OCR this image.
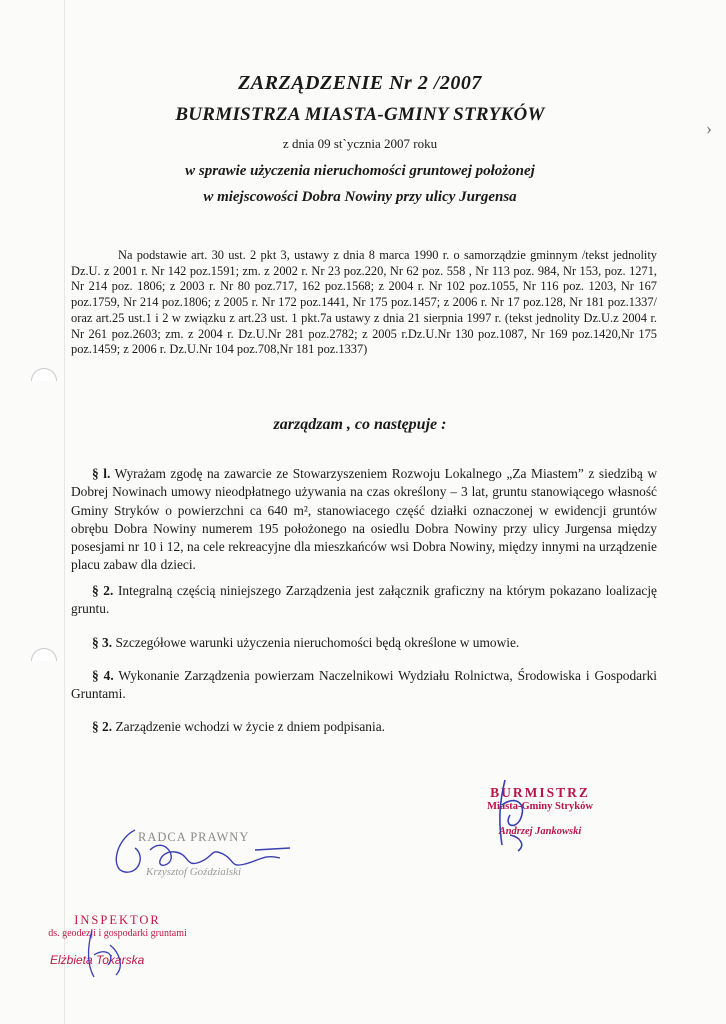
›
ZARZĄDZENIE Nr 2 /2007
BURMISTRZA MIASTA-GMINY STRYKÓW
z dnia 09 st`ycznia 2007 roku
w sprawie użyczenia nieruchomości gruntowej położonej
w miejscowości Dobra Nowiny przy ulicy Jurgensa

Na podstawie art. 30 ust. 2 pkt 3, ustawy z dnia 8 marca 1990 r. o samorządzie gminnym /tekst jednolity Dz.U. z 2001 r. Nr 142 poz.1591; zm. z 2002 r. Nr 23 poz.220, Nr 62 poz. 558 , Nr 113 poz. 984, Nr 153, poz. 1271, Nr 214 poz. 1806; z 2003 r. Nr 80 poz.717, 162 poz.1568; z 2004 r. Nr 102 poz.1055, Nr 116 poz. 1203, Nr 167 poz.1759, Nr 214 poz.1806; z 2005 r. Nr 172 poz.1441, Nr 175 poz.1457; z 2006 r. Nr 17 poz.128, Nr 181 poz.1337/ oraz art.25 ust.1 i 2 w związku z art.23 ust. 1 pkt.7a ustawy z dnia 21 sierpnia 1997 r. (tekst jednolity Dz.U.z 2004 r. Nr 261 poz.2603; zm. z 2004 r. Dz.U.Nr 281 poz.2782; z 2005 r.Dz.U.Nr 130 poz.1087, Nr 169 poz.1420,Nr 175 poz.1459; z 2006 r. Dz.U.Nr 104 poz.708,Nr 181 poz.1337)

zarządzam , co następuje :

§ l. Wyrażam zgodę na zawarcie ze Stowarzyszeniem Rozwoju Lokalnego „Za Miastem” z siedzibą w Dobrej Nowinach umowy nieodpłatnego używania na czas określony – 3 lat, gruntu stanowiącego własność Gminy Stryków o powierzchni ca 640 m², stanowiacego część działki oznaczonej w ewidencji gruntów obrębu Dobra Nowiny numerem 195 położonego na osiedlu Dobra Nowiny przy ulicy Jurgensa między posesjami nr 10 i 12, na cele rekreacyjne dla mieszkańców wsi Dobra Nowiny, między innymi na urządzenie placu zabaw dla dzieci.

§ 2. Integralną częścią niniejszego Zarządzenia jest załącznik graficzny na którym pokazano loalizację gruntu.

§ 3. Szczegółowe warunki użyczenia nieruchomości będą określone w umowie.

§ 4. Wykonanie Zarządzenia powierzam Naczelnikowi Wydziału Rolnictwa, Środowiska i Gospodarki Gruntami.

§ 2. Zarządzenie wchodzi w życie z dniem podpisania.

BURMISTRZ
Miasta-Gminy Stryków
Andrzej Jankowski
RADCA PRAWNY
Krzysztof Goździalski
INSPEKTOR
ds. geodezji i gospodarki gruntami
Elżbieta Tokarska
